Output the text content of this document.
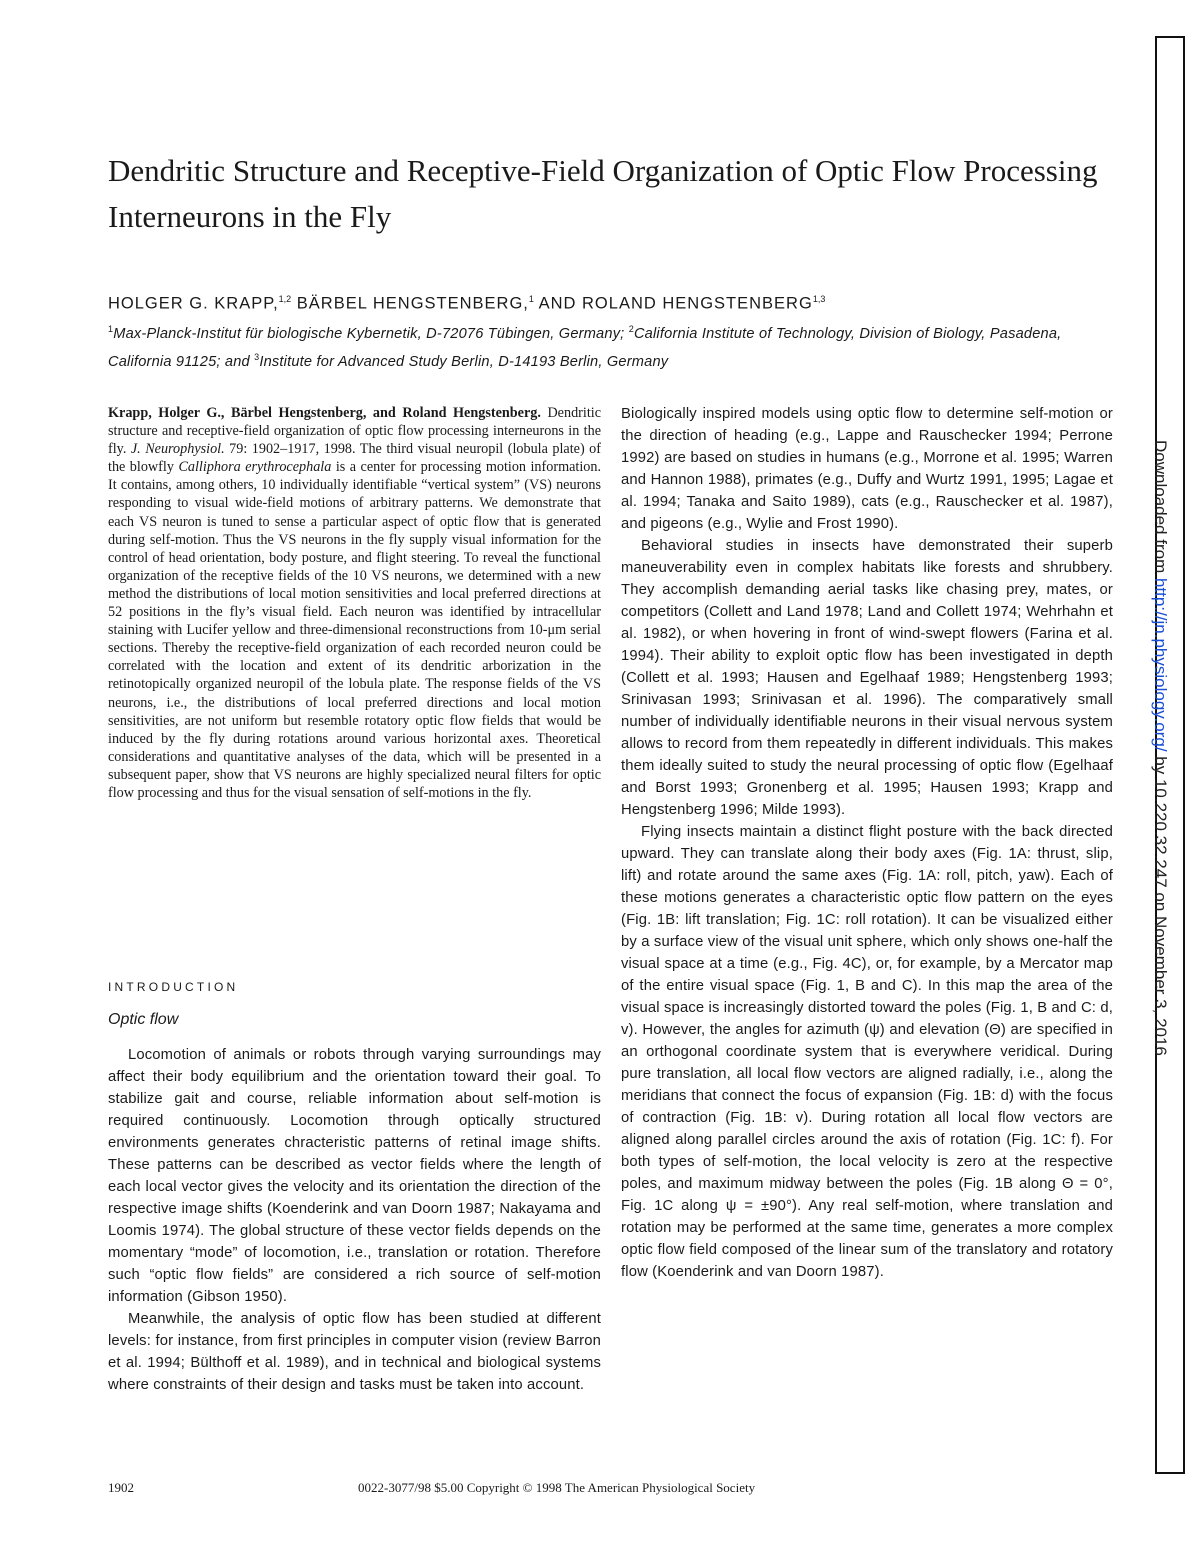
Dendritic Structure and Receptive-Field Organization of Optic Flow Processing Interneurons in the Fly
HOLGER G. KRAPP,$^{1,2}$ BÄRBEL HENGSTENBERG,$^1$ AND ROLAND HENGSTENBERG$^{1,3}$
$^1$Max-Planck-Institut für biologische Kybernetik, D-72076 Tübingen, Germany; $^2$California Institute of Technology, Division of Biology, Pasadena, California 91125; and $^3$Institute for Advanced Study Berlin, D-14193 Berlin, Germany

Krapp, Holger G., Bärbel Hengstenberg, and Roland Hengstenberg. Dendritic structure and receptive-field organization of optic flow processing interneurons in the fly. J. Neurophysiol. 79: 1902–1917, 1998. The third visual neuropil (lobula plate) of the blowfly Calliphora erythrocephala is a center for processing motion information. It contains, among others, 10 individually identifiable “vertical system” (VS) neurons responding to visual wide-field motions of arbitrary patterns. We demonstrate that each VS neuron is tuned to sense a particular aspect of optic flow that is generated during self-motion. Thus the VS neurons in the fly supply visual information for the control of head orientation, body posture, and flight steering. To reveal the functional organization of the receptive fields of the 10 VS neurons, we determined with a new method the distributions of local motion sensitivities and local preferred directions at 52 positions in the fly’s visual field. Each neuron was identified by intracellular staining with Lucifer yellow and three-dimensional reconstructions from 10-μm serial sections. Thereby the receptive-field organization of each recorded neuron could be correlated with the location and extent of its dendritic arborization in the retinotopically organized neuropil of the lobula plate. The response fields of the VS neurons, i.e., the distributions of local preferred directions and local motion sensitivities, are not uniform but resemble rotatory optic flow fields that would be induced by the fly during rotations around various horizontal axes. Theoretical considerations and quantitative analyses of the data, which will be presented in a subsequent paper, show that VS neurons are highly specialized neural filters for optic flow processing and thus for the visual sensation of self-motions in the fly.

INTRODUCTION
Optic flow

Locomotion of animals or robots through varying surroundings may affect their body equilibrium and the orientation toward their goal. To stabilize gait and course, reliable information about self-motion is required continuously. Locomotion through optically structured environments generates chracteristic patterns of retinal image shifts. These patterns can be described as vector fields where the length of each local vector gives the velocity and its orientation the direction of the respective image shifts (Koenderink and van Doorn 1987; Nakayama and Loomis 1974). The global structure of these vector fields depends on the momentary “mode” of locomotion, i.e., translation or rotation. Therefore such “optic flow fields” are considered a rich source of self-motion information (Gibson 1950).

Meanwhile, the analysis of optic flow has been studied at different levels: for instance, from first principles in computer vision (review Barron et al. 1994; Bülthoff et al. 1989), and in technical and biological systems where constraints of their design and tasks must be taken into account.

Biologically inspired models using optic flow to determine self-motion or the direction of heading (e.g., Lappe and Rauschecker 1994; Perrone 1992) are based on studies in humans (e.g., Morrone et al. 1995; Warren and Hannon 1988), primates (e.g., Duffy and Wurtz 1991, 1995; Lagae et al. 1994; Tanaka and Saito 1989), cats (e.g., Rauschecker et al. 1987), and pigeons (e.g., Wylie and Frost 1990).

Behavioral studies in insects have demonstrated their superb maneuverability even in complex habitats like forests and shrubbery. They accomplish demanding aerial tasks like chasing prey, mates, or competitors (Collett and Land 1978; Land and Collett 1974; Wehrhahn et al. 1982), or when hovering in front of wind-swept flowers (Farina et al. 1994). Their ability to exploit optic flow has been investigated in depth (Collett et al. 1993; Hausen and Egelhaaf 1989; Hengstenberg 1993; Srinivasan 1993; Srinivasan et al. 1996). The comparatively small number of individually identifiable neurons in their visual nervous system allows to record from them repeatedly in different individuals. This makes them ideally suited to study the neural processing of optic flow (Egelhaaf and Borst 1993; Gronenberg et al. 1995; Hausen 1993; Krapp and Hengstenberg 1996; Milde 1993).

Flying insects maintain a distinct flight posture with the back directed upward. They can translate along their body axes (Fig. 1A: thrust, slip, lift) and rotate around the same axes (Fig. 1A: roll, pitch, yaw). Each of these motions generates a characteristic optic flow pattern on the eyes (Fig. 1B: lift translation; Fig. 1C: roll rotation). It can be visualized either by a surface view of the visual unit sphere, which only shows one-half the visual space at a time (e.g., Fig. 4C), or, for example, by a Mercator map of the entire visual space (Fig. 1, B and C). In this map the area of the visual space is increasingly distorted toward the poles (Fig. 1, B and C: d, v). However, the angles for azimuth (ψ) and elevation (Θ) are specified in an orthogonal coordinate system that is everywhere veridical. During pure translation, all local flow vectors are aligned radially, i.e., along the meridians that connect the focus of expansion (Fig. 1B: d) with the focus of contraction (Fig. 1B: v). During rotation all local flow vectors are aligned along parallel circles around the axis of rotation (Fig. 1C: f). For both types of self-motion, the local velocity is zero at the respective poles, and maximum midway between the poles (Fig. 1B along Θ = 0°, Fig. 1C along ψ = ±90°). Any real self-motion, where translation and rotation may be performed at the same time, generates a more complex optic flow field composed of the linear sum of the translatory and rotatory flow (Koenderink and van Doorn 1987).

1902	0022-3077/98 $5.00 Copyright © 1998 The American Physiological Society
Downloaded from http://jn.physiology.org/ by 10.220.32.247 on November 3, 2016
